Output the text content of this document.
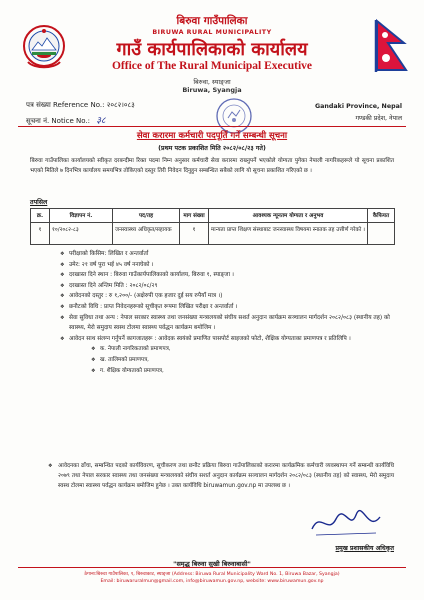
बिरुवा गाउँपालिका
BIRUWA RURAL MUNICIPALITY
गाउँ कार्यपालिकाको कार्यालय
Office of The Rural Municipal Executive
बिरुवा, स्याङ्जा
Biruwa, Syangja
पत्र संख्या Reference No.: २०८२।०८३
सूचना नं. Notice No.: ३८
Gandaki Province, Nepal
गण्डकी प्रदेश, नेपाल
सेवा करारमा कर्मचारी पदपूर्ति गर्ने सम्बन्धी सूचना
(प्रथम पटक प्रकाशित मिति २०८२/०८/२३ गते)
बिरुवा गाउँपालिका कार्यालयको स्वीकृत दरबन्दीमा रिक्त पदमा निम्न अनुसार कर्मचारी सेवा करारमा राख्नुपर्ने भएकोले योग्यता पुगेका नेपाली नागरिकहरूले यो सूचना प्रकाशित भएको मितिले ७ दिनभित्र कार्यालय समयभित्र तोकिएको दस्तुर तिरी निवेदन दिनुहुन सम्बन्धित सबैको लागि यो सूचना प्रकाशित गरिएको छ ।
तपसिल
क्र.	विज्ञापन नं.	पद/तह	माग संख्या	आवश्यक न्यूनतम योग्यता र अनुभव	कैफियत
१	१०/२०८२-८३	जनस्वास्थ्य अधिकृत/सहायक	१	मान्यता प्राप्त शिक्षण संस्थाबाट जनस्वास्थ्य विषयमा स्नातक तह उत्तीर्ण गरेको ।	
❖ परीक्षाको किसिम: लिखित र अन्तर्वार्ता
❖ उमेर: २१ वर्ष पुरा भई ४५ वर्ष ननाघेको ।
❖ दरखास्त दिने स्थान : बिरुवा गाउँकार्यपालिकाको कार्यालय, बिरुवा १, स्याङ्जा ।
❖ दरखास्त दिने अन्तिम मिति : २०८२/०८/२९
❖ आवेदनको दस्तुर : रु १,२००/- (अक्षेरुपी एक हजार दुई सय रुपैयाँ मात्र ।)
❖ छनौटको विधि : प्राप्त निवेदनहरूको सूचीकृत रूपमा लिखित परीक्षा र अन्तर्वार्ता ।
❖ सेवा सुविधा तथा अन्य : नेपाल सरकार स्वास्थ्य तथा जनसंख्या मन्त्रालयको संघीय सशर्त अनुदान कार्यक्रम सञ्चालन मार्गदर्शन २०८२/०८३ (स्थानीय तह) को स्वास्थ्य, मेरो समुदाय स्वस्थ टोलमा स्वास्थ्य पर्वद्धन कार्यक्रम बमोजिम ।
❖ आवेदन साथ संलग्न गर्नुपर्ने कागजातहरू : आवेदक स्वयंको प्रमाणित पासपोर्ट साइजको फोटो, शैक्षिक योग्यताका प्रमाणपत्र र प्रतिलिपि ।
❖ क. नेपाली नागरिकताको प्रमाणपत्र,
❖ ख. तालिमको प्रमाणपत्र,
❖ ग. शैक्षिक योग्यताको प्रमाणपत्र,
❖ आवेदनका ढाँचा, सम्बन्धित पदको कार्यविवरण, सूचीकरण तथा छनौट प्रक्रिया बिरुवा गाउँपालिकाको करारमा कार्यक्रमिक कर्मचारी व्यवस्थापन गर्ने सम्बन्धी कार्यविधि २०७९ तथा नेपाल सरकार स्वास्थ्य तथा जनसंख्या मन्त्रालयको संघीय सशर्त अनुदान कार्यक्रम सञ्चालन मार्गदर्शन २०८२/०८३ (स्थानीय तह) को स्वास्थ्य, मेरो समुदाय स्वस्थ टोलमा स्वास्थ्य पर्वद्धन कार्यक्रम बमोजिम हुनेछ । उक्त कार्यविधि biruwamun.gov.np मा उपलब्ध छ ।
प्रमुख प्रशासकीय अधिकृत
"समृद्ध बिरुवा सुखी बिरुवाबासी"
ठेगाना:बिरुवा गाउँपालिका, १, बिरुवाकाट, स्याङ्जा (Address: Biruwa Rural Municipality Ward No. 1, Biruwa Bazar, Syangja)
Email: biruwaruralmun@gmail.com, info@biruwamun.gov.np, website: www.biruwamun.gov.np
